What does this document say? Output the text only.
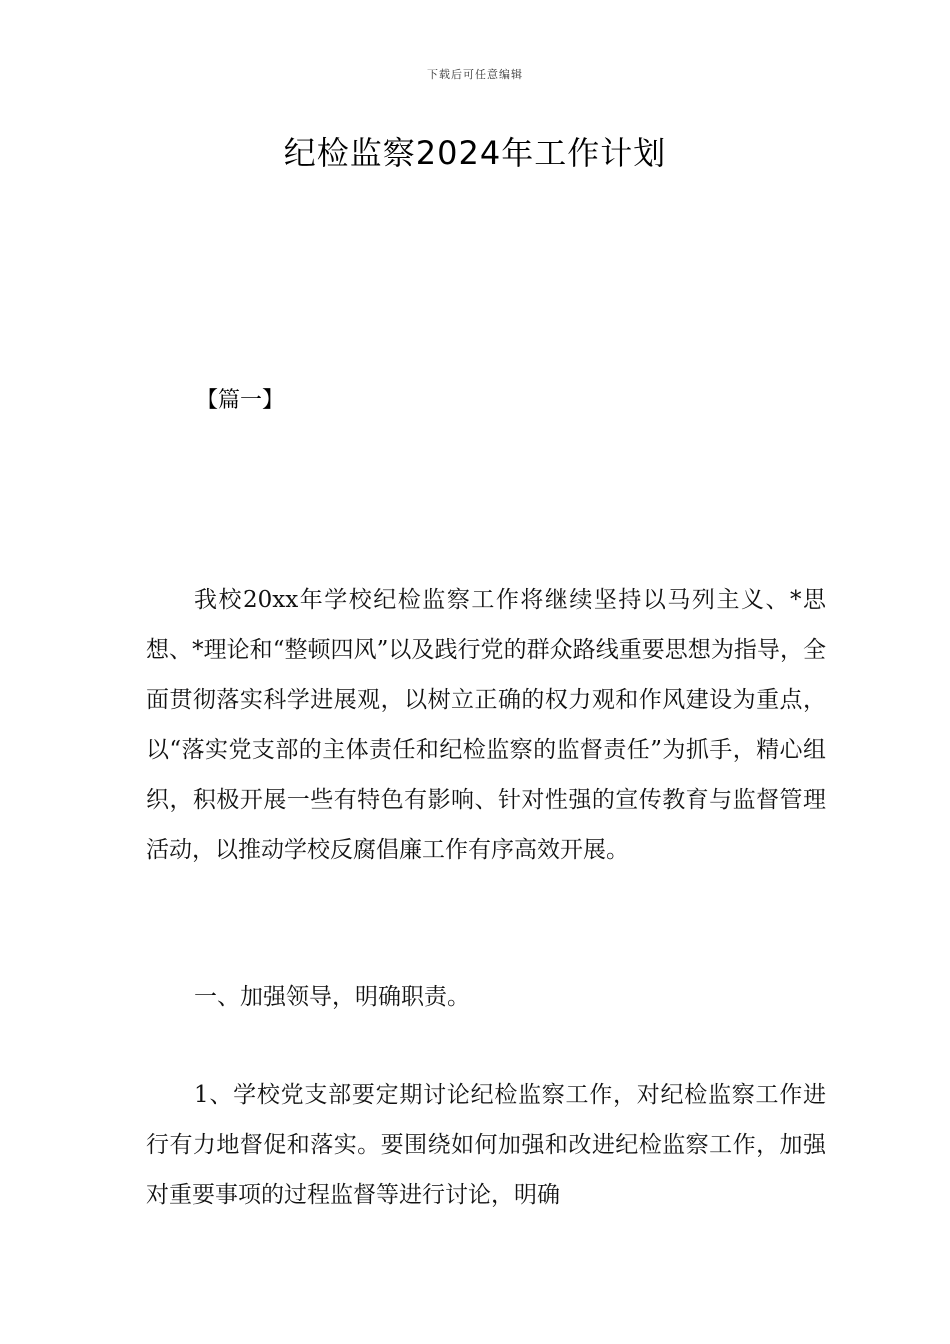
下载后可任意编辑
纪检监察2024年工作计划
【篇一】

我校20xx年学校纪检监察工作将继续坚持以马列主义、*思想、*理论和“整顿四风”以及践行党的群众路线重要思想为指导，全面贯彻落实科学进展观，以树立正确的权力观和作风建设为重点，以“落实党支部的主体责任和纪检监察的监督责任”为抓手，精心组织，积极开展一些有特色有影响、针对性强的宣传教育与监督管理活动，以推动学校反腐倡廉工作有序高效开展。

一、加强领导，明确职责。

1、学校党支部要定期讨论纪检监察工作，对纪检监察工作进行有力地督促和落实。要围绕如何加强和改进纪检监察工作，加强对重要事项的过程监督等进行讨论，明确
